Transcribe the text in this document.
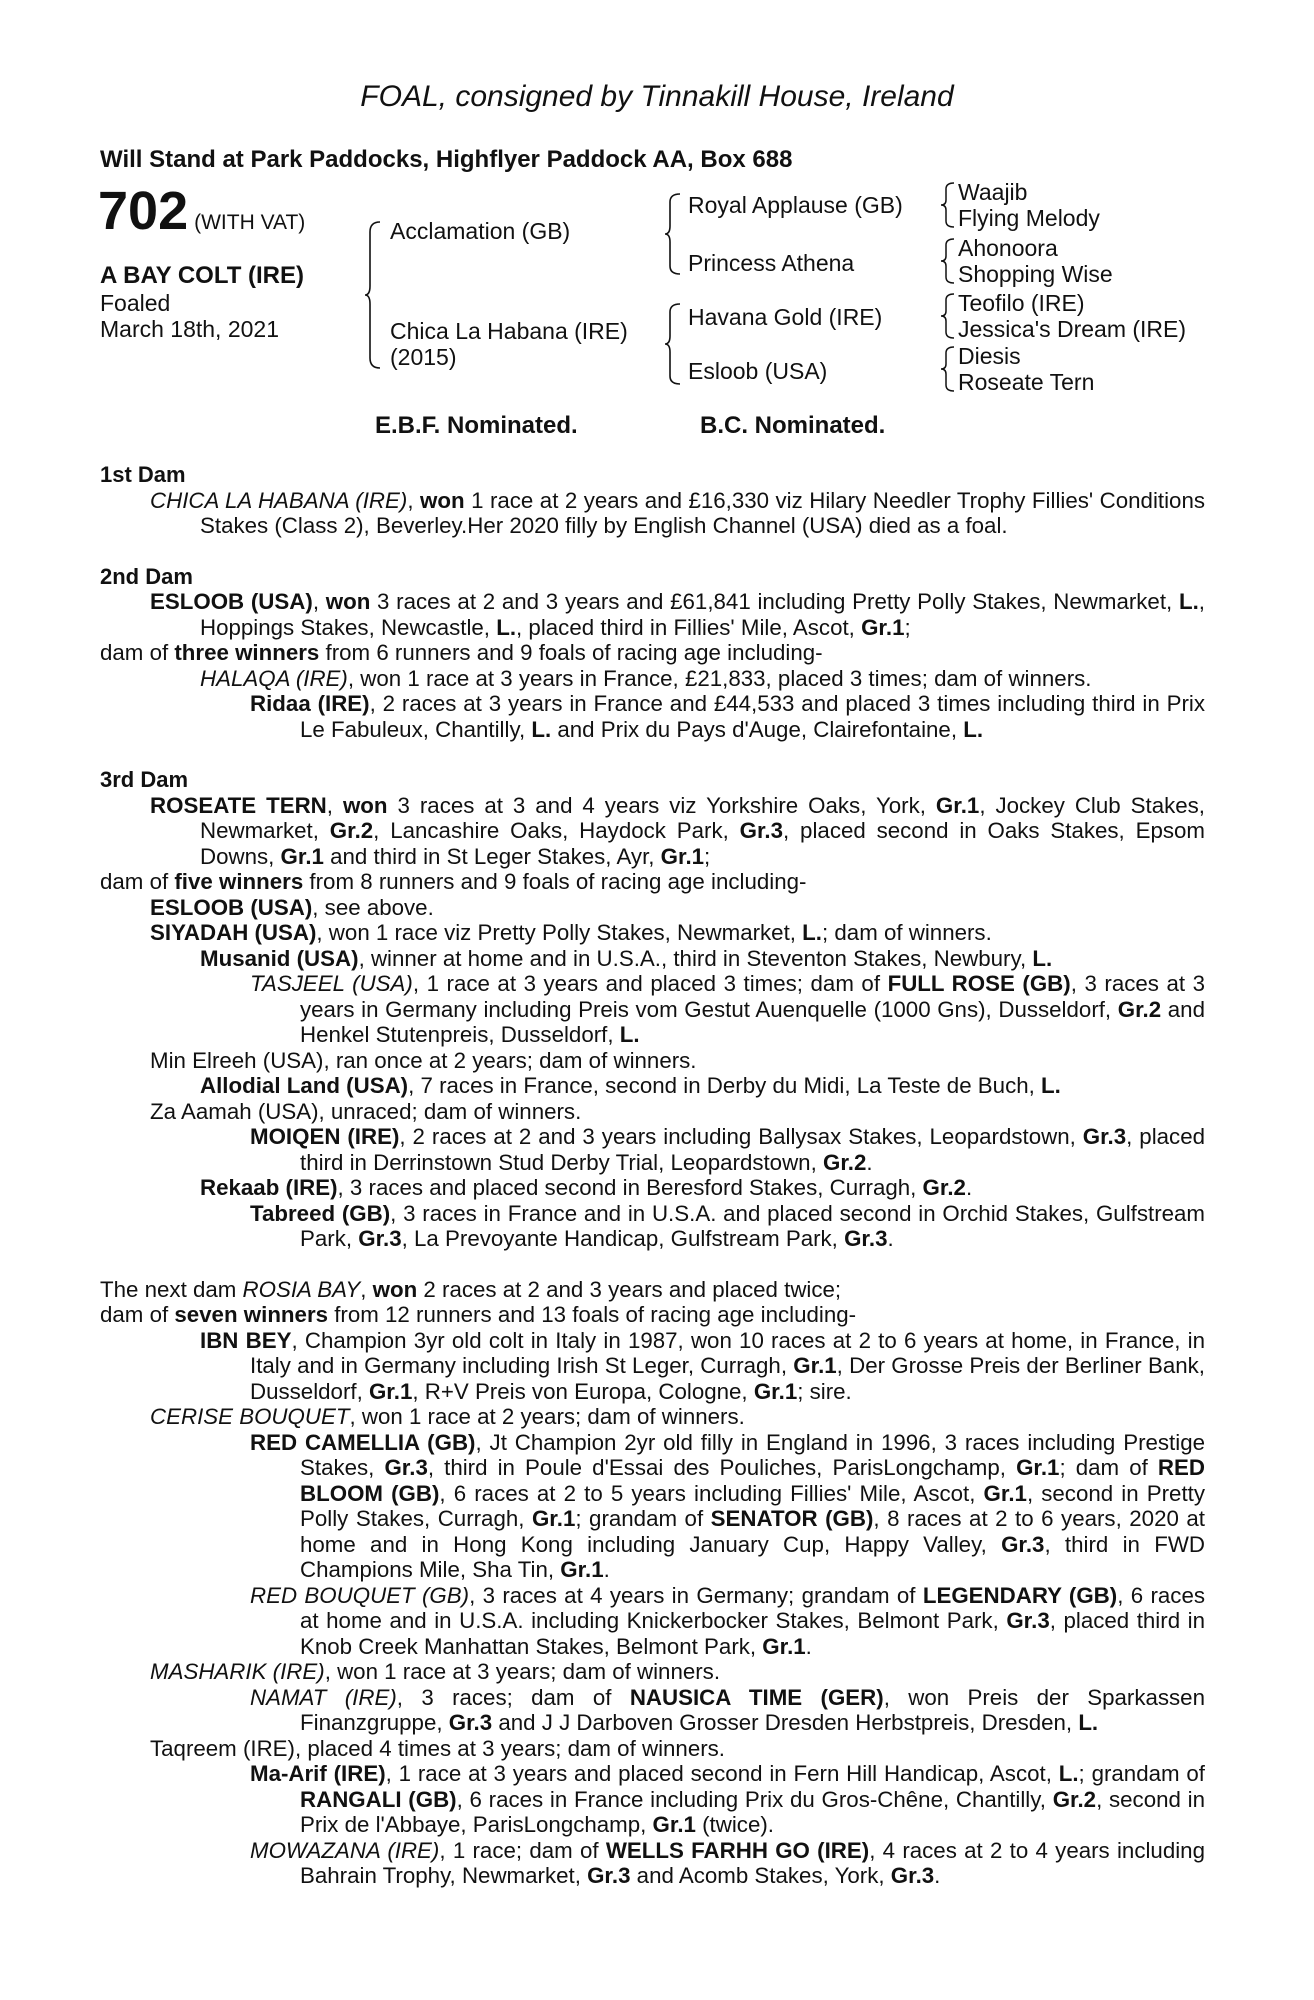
FOAL, consigned by Tinnakill House, Ireland
Will Stand at Park Paddocks, Highflyer Paddock AA, Box 688
702 (WITH VAT)
A BAY COLT (IRE)
Foaled
March 18th, 2021
Acclamation (GB)
Chica La Habana (IRE)
(2015)
Royal Applause (GB)
Princess Athena
Havana Gold (IRE)
Esloob (USA)
Waajib
Flying Melody
Ahonoora
Shopping Wise
Teofilo (IRE)
Jessica's Dream (IRE)
Diesis
Roseate Tern
E.B.F. Nominated.	B.C. Nominated.
1st Dam
CHICA LA HABANA (IRE), won 1 race at 2 years and £16,330 viz Hilary Needler Trophy Fillies' Conditions Stakes (Class 2), Beverley.Her 2020 filly by English Channel (USA) died as a foal.
2nd Dam
ESLOOB (USA), won 3 races at 2 and 3 years and £61,841 including Pretty Polly Stakes, Newmarket, L., Hoppings Stakes, Newcastle, L., placed third in Fillies' Mile, Ascot, Gr.1;
dam of three winners from 6 runners and 9 foals of racing age including-
HALAQA (IRE), won 1 race at 3 years in France, £21,833, placed 3 times; dam of winners.
Ridaa (IRE), 2 races at 3 years in France and £44,533 and placed 3 times including third in Prix Le Fabuleux, Chantilly, L. and Prix du Pays d'Auge, Clairefontaine, L.
3rd Dam
ROSEATE TERN, won 3 races at 3 and 4 years viz Yorkshire Oaks, York, Gr.1, Jockey Club Stakes, Newmarket, Gr.2, Lancashire Oaks, Haydock Park, Gr.3, placed second in Oaks Stakes, Epsom Downs, Gr.1 and third in St Leger Stakes, Ayr, Gr.1;
dam of five winners from 8 runners and 9 foals of racing age including-
ESLOOB (USA), see above.
SIYADAH (USA), won 1 race viz Pretty Polly Stakes, Newmarket, L.; dam of winners.
Musanid (USA), winner at home and in U.S.A., third in Steventon Stakes, Newbury, L.
TASJEEL (USA), 1 race at 3 years and placed 3 times; dam of FULL ROSE (GB), 3 races at 3 years in Germany including Preis vom Gestut Auenquelle (1000 Gns), Dusseldorf, Gr.2 and Henkel Stutenpreis, Dusseldorf, L.
Min Elreeh (USA), ran once at 2 years; dam of winners.
Allodial Land (USA), 7 races in France, second in Derby du Midi, La Teste de Buch, L.
Za Aamah (USA), unraced; dam of winners.
MOIQEN (IRE), 2 races at 2 and 3 years including Ballysax Stakes, Leopardstown, Gr.3, placed third in Derrinstown Stud Derby Trial, Leopardstown, Gr.2.
Rekaab (IRE), 3 races and placed second in Beresford Stakes, Curragh, Gr.2.
Tabreed (GB), 3 races in France and in U.S.A. and placed second in Orchid Stakes, Gulfstream Park, Gr.3, La Prevoyante Handicap, Gulfstream Park, Gr.3.
The next dam ROSIA BAY, won 2 races at 2 and 3 years and placed twice;
dam of seven winners from 12 runners and 13 foals of racing age including-
IBN BEY, Champion 3yr old colt in Italy in 1987, won 10 races at 2 to 6 years at home, in France, in Italy and in Germany including Irish St Leger, Curragh, Gr.1, Der Grosse Preis der Berliner Bank, Dusseldorf, Gr.1, R+V Preis von Europa, Cologne, Gr.1; sire.
CERISE BOUQUET, won 1 race at 2 years; dam of winners.
RED CAMELLIA (GB), Jt Champion 2yr old filly in England in 1996, 3 races including Prestige Stakes, Gr.3, third in Poule d'Essai des Pouliches, ParisLongchamp, Gr.1; dam of RED BLOOM (GB), 6 races at 2 to 5 years including Fillies' Mile, Ascot, Gr.1, second in Pretty Polly Stakes, Curragh, Gr.1; grandam of SENATOR (GB), 8 races at 2 to 6 years, 2020 at home and in Hong Kong including January Cup, Happy Valley, Gr.3, third in FWD Champions Mile, Sha Tin, Gr.1.
RED BOUQUET (GB), 3 races at 4 years in Germany; grandam of LEGENDARY (GB), 6 races at home and in U.S.A. including Knickerbocker Stakes, Belmont Park, Gr.3, placed third in Knob Creek Manhattan Stakes, Belmont Park, Gr.1.
MASHARIK (IRE), won 1 race at 3 years; dam of winners.
NAMAT (IRE), 3 races; dam of NAUSICA TIME (GER), won Preis der Sparkassen Finanzgruppe, Gr.3 and J J Darboven Grosser Dresden Herbstpreis, Dresden, L.
Taqreem (IRE), placed 4 times at 3 years; dam of winners.
Ma-Arif (IRE), 1 race at 3 years and placed second in Fern Hill Handicap, Ascot, L.; grandam of RANGALI (GB), 6 races in France including Prix du Gros-Chêne, Chantilly, Gr.2, second in Prix de l'Abbaye, ParisLongchamp, Gr.1 (twice).
MOWAZANA (IRE), 1 race; dam of WELLS FARHH GO (IRE), 4 races at 2 to 4 years including Bahrain Trophy, Newmarket, Gr.3 and Acomb Stakes, York, Gr.3.
